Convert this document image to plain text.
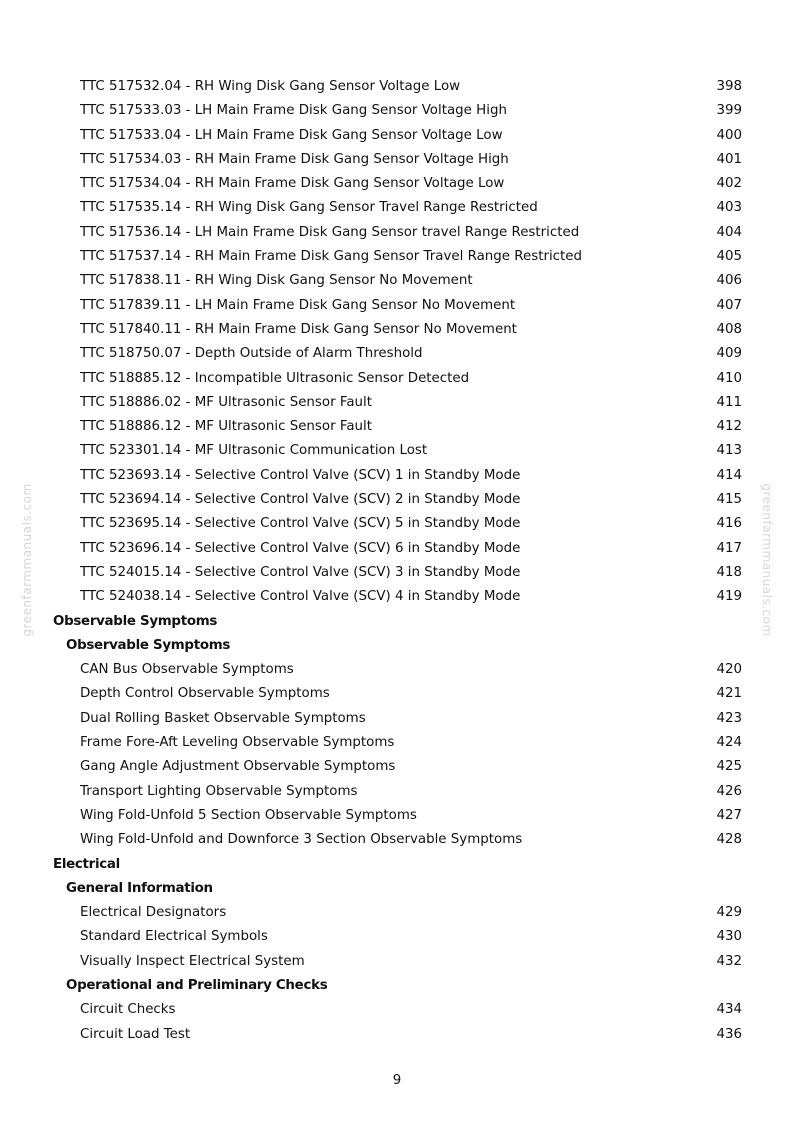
greenfarmmanuals.com	greenfarmmanuals.com
TTC 517532.04 - RH Wing Disk Gang Sensor Voltage Low	398
TTC 517533.03 - LH Main Frame Disk Gang Sensor Voltage High	399
TTC 517533.04 - LH Main Frame Disk Gang Sensor Voltage Low	400
TTC 517534.03 - RH Main Frame Disk Gang Sensor Voltage High	401
TTC 517534.04 - RH Main Frame Disk Gang Sensor Voltage Low	402
TTC 517535.14 - RH Wing Disk Gang Sensor Travel Range Restricted	403
TTC 517536.14 - LH Main Frame Disk Gang Sensor travel Range Restricted	404
TTC 517537.14 - RH Main Frame Disk Gang Sensor Travel Range Restricted	405
TTC 517838.11 - RH Wing Disk Gang Sensor No Movement	406
TTC 517839.11 - LH Main Frame Disk Gang Sensor No Movement	407
TTC 517840.11 - RH Main Frame Disk Gang Sensor No Movement	408
TTC 518750.07 - Depth Outside of Alarm Threshold	409
TTC 518885.12 - Incompatible Ultrasonic Sensor Detected	410
TTC 518886.02 - MF Ultrasonic Sensor Fault	411
TTC 518886.12 - MF Ultrasonic Sensor Fault	412
TTC 523301.14 - MF Ultrasonic Communication Lost	413
TTC 523693.14 - Selective Control Valve (SCV) 1 in Standby Mode	414
TTC 523694.14 - Selective Control Valve (SCV) 2 in Standby Mode	415
TTC 523695.14 - Selective Control Valve (SCV) 5 in Standby Mode	416
TTC 523696.14 - Selective Control Valve (SCV) 6 in Standby Mode	417
TTC 524015.14 - Selective Control Valve (SCV) 3 in Standby Mode	418
TTC 524038.14 - Selective Control Valve (SCV) 4 in Standby Mode	419
Observable Symptoms
Observable Symptoms
CAN Bus Observable Symptoms	420
Depth Control Observable Symptoms	421
Dual Rolling Basket Observable Symptoms	423
Frame Fore-Aft Leveling Observable Symptoms	424
Gang Angle Adjustment Observable Symptoms	425
Transport Lighting Observable Symptoms	426
Wing Fold-Unfold 5 Section Observable Symptoms	427
Wing Fold-Unfold and Downforce 3 Section Observable Symptoms	428
Electrical
General Information
Electrical Designators	429
Standard Electrical Symbols	430
Visually Inspect Electrical System	432
Operational and Preliminary Checks
Circuit Checks	434
Circuit Load Test	436
9
